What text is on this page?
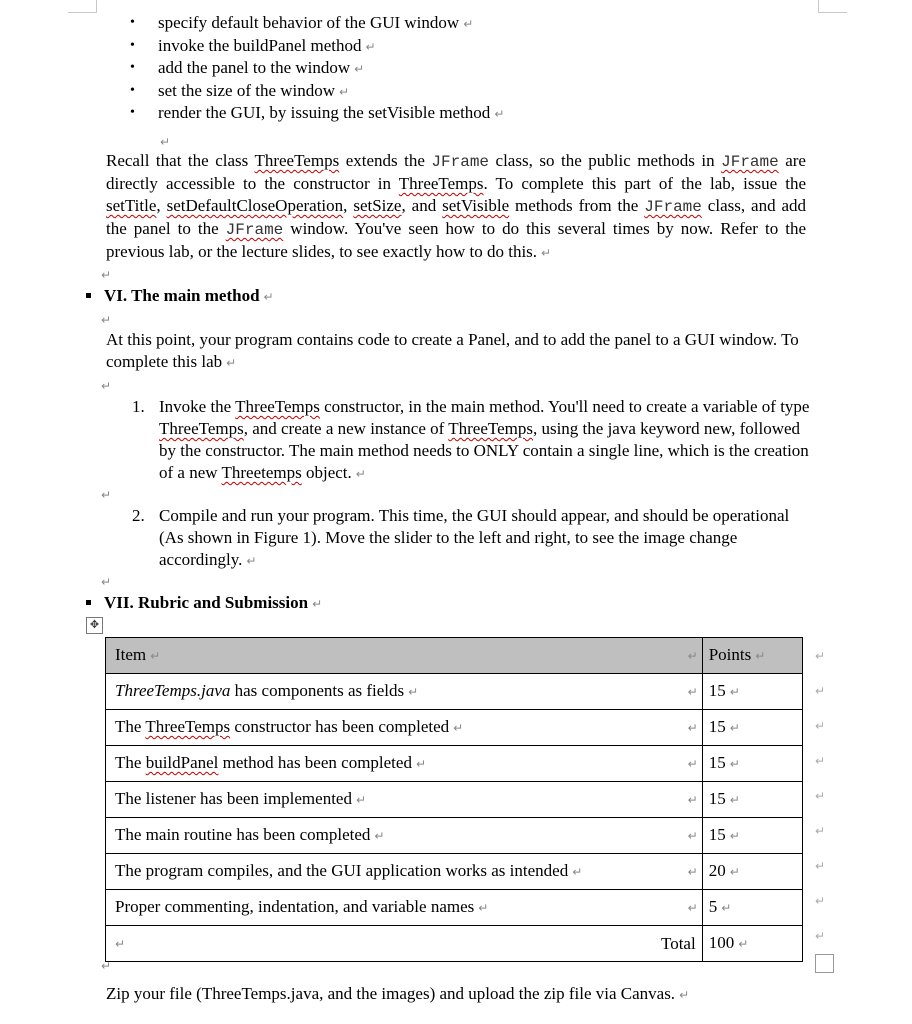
• specify default behavior of the GUI window ↵
• invoke the buildPanel method ↵
• add the panel to the window ↵
• set the size of the window ↵
• render the GUI, by issuing the setVisible method ↵
↵
Recall that the class ThreeTemps extends the JFrame class, so the public methods in JFrame are directly accessible to the constructor in ThreeTemps. To complete this part of the lab, issue the setTitle, setDefaultCloseOperation, setSize, and setVisible methods from the JFrame class, and add the panel to the JFrame window. You've seen how to do this several times by now. Refer to the previous lab, or the lecture slides, to see exactly how to do this. ↵
↵
VI. The main method ↵
↵
At this point, your program contains code to create a Panel, and to add the panel to a GUI window. To complete this lab ↵
↵
1. Invoke the ThreeTemps constructor, in the main method. You'll need to create a variable of type ThreeTemps, and create a new instance of ThreeTemps, using the java keyword new, followed by the constructor. The main method needs to ONLY contain a single line, which is the creation of a new Threetemps object. ↵
↵
2. Compile and run your program. This time, the GUI should appear, and should be operational (As shown in Figure 1). Move the slider to the left and right, to see the image change accordingly. ↵
↵
VII. Rubric and Submission ↵
✥
Item ↵	↵	Points ↵
ThreeTemps.java has components as fields ↵	↵	15 ↵
The ThreeTemps constructor has been completed ↵	↵	15 ↵
The buildPanel method has been completed ↵	↵	15 ↵
The listener has been implemented ↵	↵	15 ↵
The main routine has been completed ↵	↵	15 ↵
The program compiles, and the GUI application works as intended ↵	↵	20 ↵
Proper commenting, indentation, and variable names ↵	↵	5 ↵
↵	Total	100 ↵
↵
↵
↵
↵
↵
↵
↵
↵
↵
↵
Zip your file (ThreeTemps.java, and the images) and upload the zip file via Canvas. ↵
